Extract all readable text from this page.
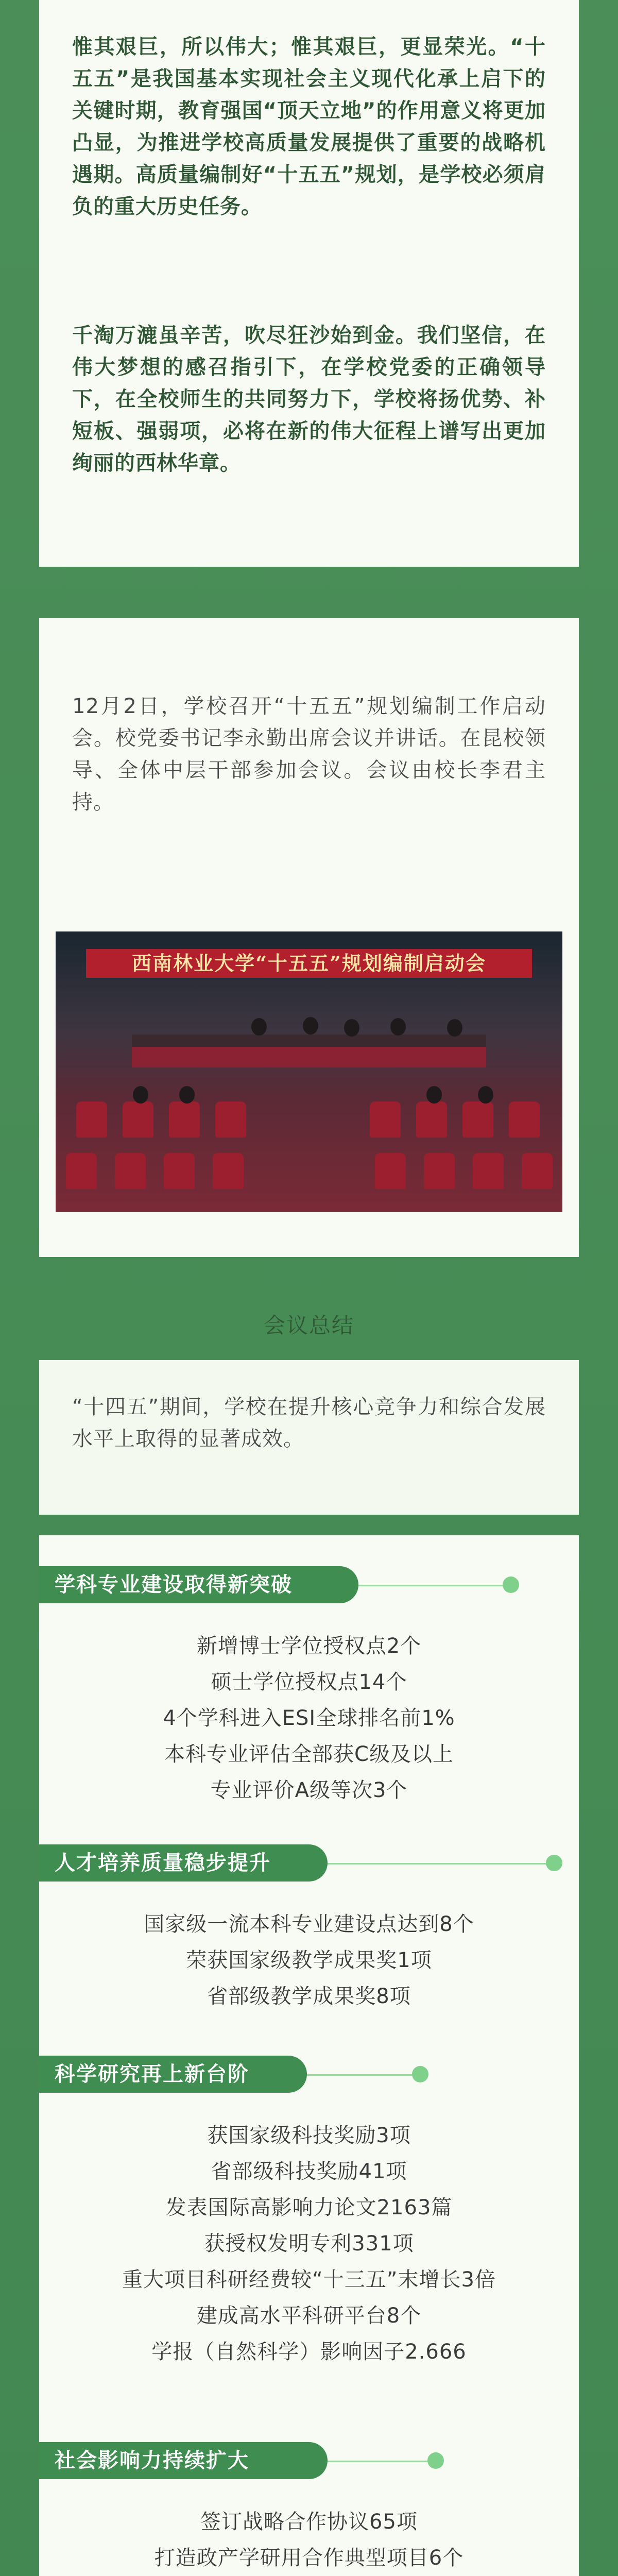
惟其艰巨，所以伟大；惟其艰巨，更显荣光。“十五五”是我国基本实现社会主义现代化承上启下的关键时期，教育强国“顶天立地”的作用意义将更加凸显，为推进学校高质量发展提供了重要的战略机遇期。高质量编制好“十五五”规划，是学校必须肩负的重大历史任务。
千淘万漉虽辛苦，吹尽狂沙始到金。我们坚信，在伟大梦想的感召指引下，在学校党委的正确领导下，在全校师生的共同努力下，学校将扬优势、补短板、强弱项，必将在新的伟大征程上谱写出更加绚丽的西林华章。
12月2日，学校召开“十五五”规划编制工作启动会。校党委书记李永勤出席会议并讲话。在昆校领导、全体中层干部参加会议。会议由校长李君主持。
西南林业大学“十五五”规划编制启动会
会议总结
“十四五”期间，学校在提升核心竞争力和综合发展水平上取得的显著成效。
学科专业建设取得新突破
新增博士学位授权点2个
硕士学位授权点14个
4个学科进入ESI全球排名前1%
本科专业评估全部获C级及以上
专业评价A级等次3个
人才培养质量稳步提升
国家级一流本科专业建设点达到8个
荣获国家级教学成果奖1项
省部级教学成果奖8项
科学研究再上新台阶
获国家级科技奖励3项
省部级科技奖励41项
发表国际高影响力论文2163篇
获授权发明专利331项
重大项目科研经费较“十三五”末增长3倍
建成高水平科研平台8个
学报（自然科学）影响因子2.666
社会影响力持续扩大
签订战略合作协议65项
打造政产学研用合作典型项目6个
